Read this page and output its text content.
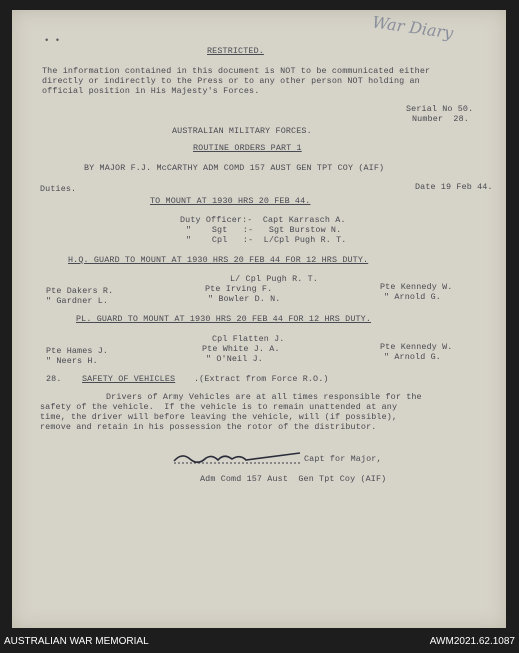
War Diary
• •
RESTRICTED.
The information contained in this document is NOT to be communicated either
directly or indirectly to the Press or to any other person NOT holding an
official position in His Majesty's Forces.
Serial No 50.
Number  28.
AUSTRALIAN MILITARY FORCES.
ROUTINE ORDERS PART 1
BY MAJOR F.J. McCARTHY ADM COMD 157 AUST GEN TPT COY (AIF)
Duties.	Date 19 Feb 44.
TO MOUNT AT 1930 HRS 20 FEB 44.
Duty Officer:-  Capt Karrasch A.
"    Sgt   :-   Sgt Burstow N.
"    Cpl   :-  L/Cpl Pugh R. T.
H.Q. GUARD TO MOUNT AT 1930 HRS 20 FEB 44 FOR 12 HRS DUTY.
L/ Cpl Pugh R. T.
Pte Dakers R.
" Gardner L.
Pte Irving F.
" Bowler D. N.
Pte Kennedy W.
" Arnold G.
PL. GUARD TO MOUNT AT 1930 HRS 20 FEB 44 FOR 12 HRS DUTY.
Cpl Flatten J.
Pte Hames J.
" Neers H.
Pte White J. A.
" O'Neil J.
Pte Kennedy W.
" Arnold G.
28. SAFETY OF VEHICLES .(Extract from Force R.O.)
Drivers of Army Vehicles are at all times responsible for the
safety of the vehicle.  If the vehicle is to remain unattended at any
time, the driver will before leaving the vehicle, will (if possible),
remove and retain in his possession the rotor of the distributor.
Capt for Major,
Adm Comd 157 Aust  Gen Tpt Coy (AIF)
AUSTRALIAN WAR MEMORIAL	AWM2021.62.1087
